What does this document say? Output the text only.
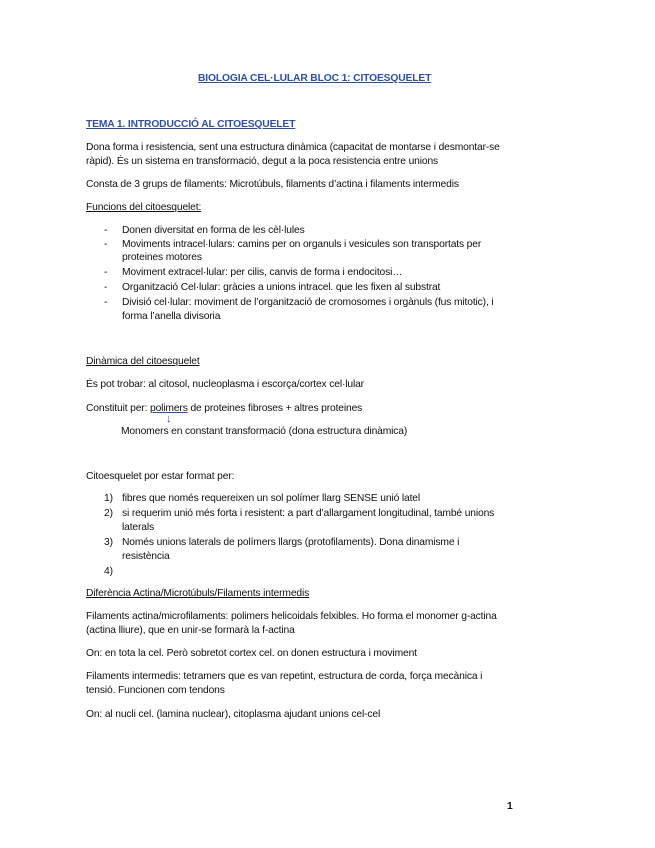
BIOLOGIA CEL·LULAR BLOC 1: CITOESQUELET
TEMA 1. INTRODUCCIÓ AL CITOESQUELET
Dona forma i resistencia, sent una estructura dinàmica (capacitat de montarse i desmontar-se
ràpid). És un sistema en transformació, degut a la poca resistencia entre unions
Consta de 3 grups de filaments: Microtúbuls, filaments d’actina i filaments intermedis
Funcions del citoesquelet:
- Donen diversitat en forma de les cèl·lules
- Moviments intracel·lulars: camins per on organuls i vesicules son transportats per
proteines motores
- Moviment extracel·lular: per cilis, canvis de forma i endocitosi…
- Organització Cel·lular: gràcies a unions intracel. que les fixen al substrat
- Divisió cel·lular: moviment de l’organització de cromosomes i orgànuls (fus mitotic), i
forma l’anella divisoria
Dinàmica del citoesquelet
És pot trobar: al citosol, nucleoplasma i escorça/cortex cel·lular
Constituit per: polimers de proteines fibroses + altres proteines
↓
Monomers en constant transformació (dona estructura dinàmica)
Citoesquelet por estar format per:
1) fibres que només requereixen un sol polímer llarg SENSE unió latel
2) si requerim unió més forta i resistent: a part d’allargament longitudinal, també unions
laterals
3) Només unions laterals de polímers llargs (protofilaments). Dona dinamisme i
resistència
4)
Diferència Actina/Microtúbuls/Filaments intermedis
Filaments actina/microfilaments: polimers helicoidals felxibles. Ho forma el monomer g-actina
(actina lliure), que en unir-se formarà la f-actina
On: en tota la cel. Però sobretot cortex cel. on donen estructura i moviment
Filaments intermedis: tetramers que es van repetint, estructura de corda, força mecànica i
tensió. Funcionen com tendons
On: al nucli cel. (lamina nuclear), citoplasma ajudant unions cel-cel
1
